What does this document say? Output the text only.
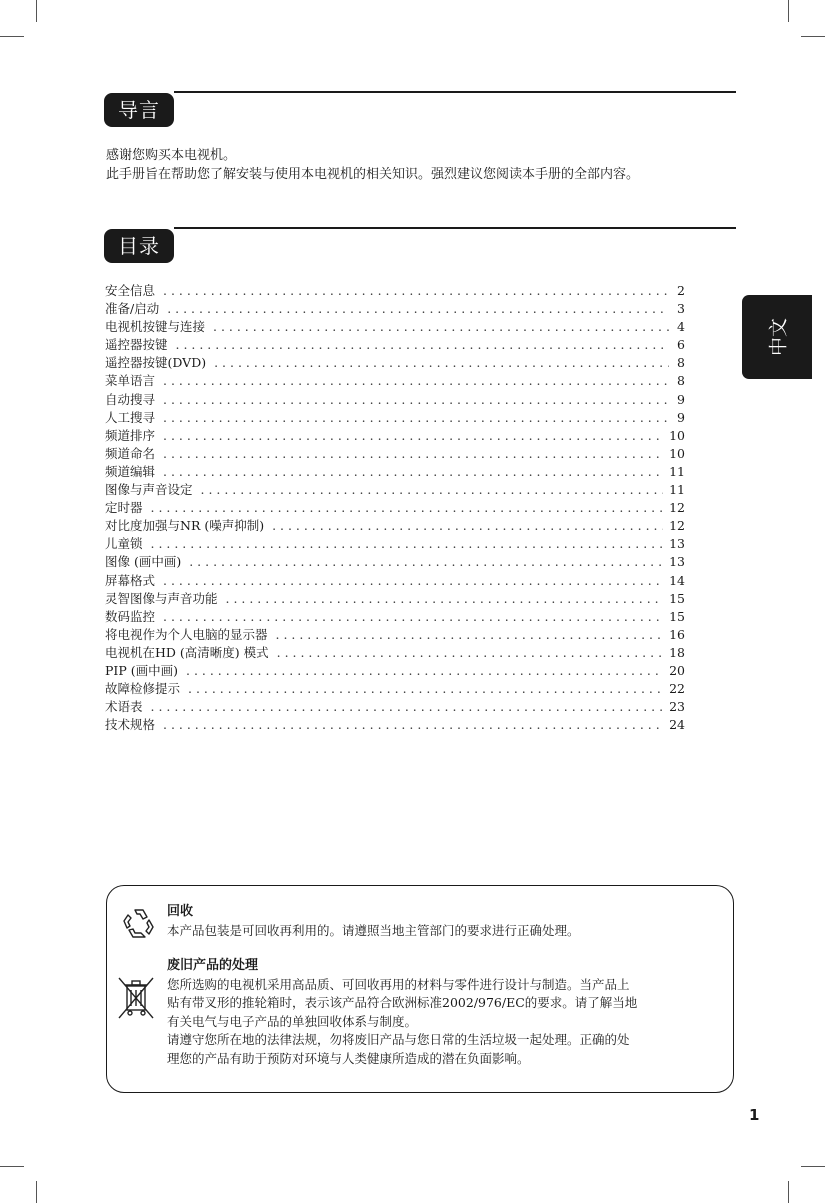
导言

感谢您购买本电视机。

此手册旨在帮助您了解安装与使用本电视机的相关知识。强烈建议您阅读本手册的全部内容。

目录
安全信息 . . .	2
准备/启动 . . .	3
电视机按键与连接 . . .	4
遥控器按键 . . .	6
遥控器按键(DVD) . . .	8
菜单语言 . . .	8
自动搜寻 . . .	9
人工搜寻 . . .	9
频道排序 . . .	10
频道命名 . . .	10
频道编辑 . . .	11
图像与声音设定 . . .	11
定时器 . . .	12
对比度加强与NR (噪声抑制) . . .	12
儿童锁 . . .	13
图像 (画中画) . . .	13
屏幕格式 . . .	14
灵智图像与声音功能 . . .	15
数码监控 . . .	15
将电视作为个人电脑的显示器 . . .	16
电视机在HD (高清晰度) 模式 . . .	18
PIP (画中画) . . .	20
故障检修提示 . . .	22
术语表 . . .	23
技术规格 . . .	24
中文
回收

本产品包装是可回收再利用的。请遵照当地主管部门的要求进行正确处理。

废旧产品的处理

您所选购的电视机采用高品质、可回收再用的材料与零件进行设计与制造。当产品上

贴有带叉形的推轮箱时，表示该产品符合欧洲标准2002/976/EC的要求。请了解当地

有关电气与电子产品的单独回收体系与制度。

请遵守您所在地的法律法规，勿将废旧产品与您日常的生活垃圾一起处理。正确的处

理您的产品有助于预防对环境与人类健康所造成的潜在负面影响。

1
